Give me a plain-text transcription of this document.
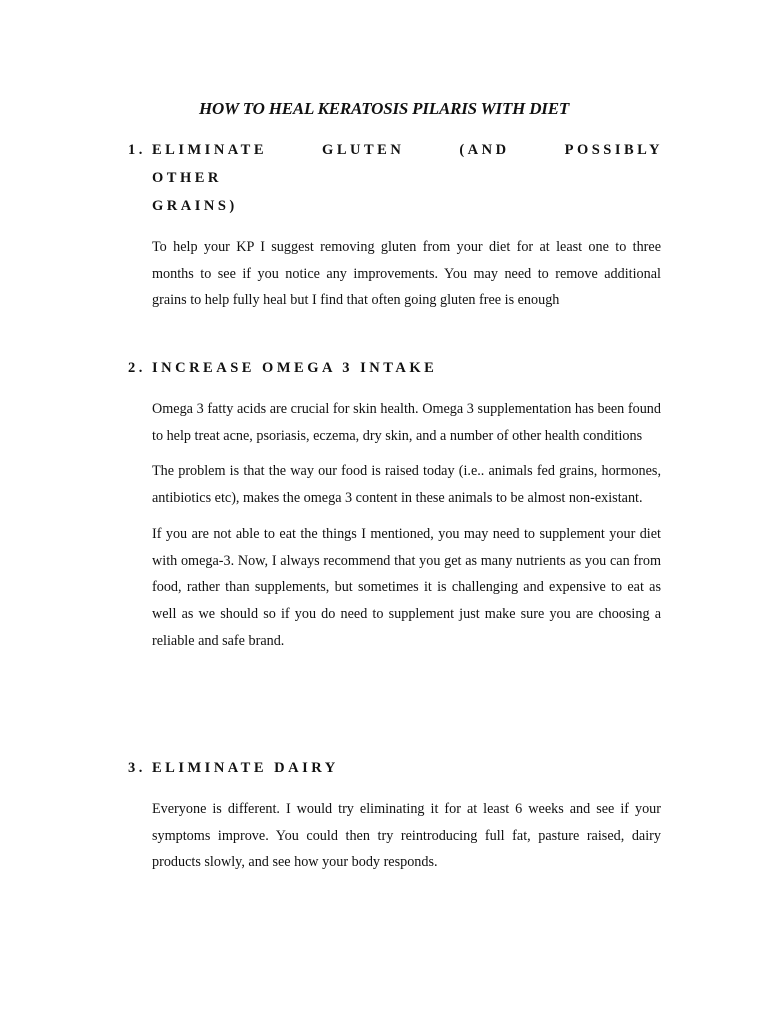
HOW TO HEAL KERATOSIS PILARIS WITH DIET
1. ELIMINATE GLUTEN (AND POSSIBLY OTHER
GRAINS)
To help your KP I suggest removing gluten from your diet for at least one to three months to see if you notice any improvements. You may need to remove additional grains to help fully heal but I find that often going gluten free is enough
2. INCREASE OMEGA 3 INTAKE
Omega 3 fatty acids are crucial for skin health. Omega 3 supplementation has been found to help treat acne, psoriasis, eczema, dry skin, and a number of other health conditions
The problem is that the way our food is raised today (i.e.. animals fed grains, hormones, antibiotics etc), makes the omega 3 content in these animals to be almost non-existant.
If you are not able to eat the things I mentioned, you may need to supplement your diet with omega-3. Now, I always recommend that you get as many nutrients as you can from food, rather than supplements, but sometimes it is challenging and expensive to eat as well as we should so if you do need to supplement just make sure you are choosing a reliable and safe brand.
3. ELIMINATE DAIRY
Everyone is different. I would try eliminating it for at least 6 weeks and see if your symptoms improve. You could then try reintroducing full fat, pasture raised, dairy products slowly, and see how your body responds.
